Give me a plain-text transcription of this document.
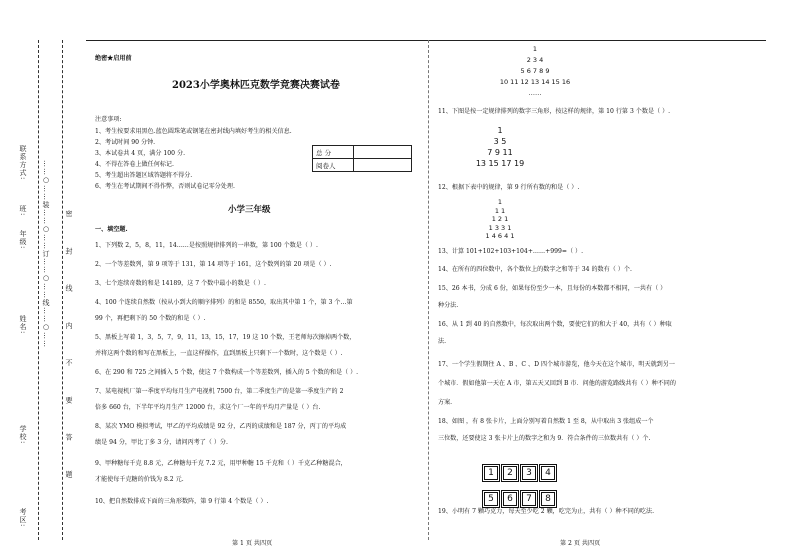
……○……装……○……订……○……线……○…… 密 封 线 内 不 要 答 题
联系方式:
年级:
班:
姓名:
学校:
考区:
绝密★启用前
2023小学奥林匹克数学竞赛决赛试卷
注意事项:

1、考生按要求用黑色.蓝色圆珠笔或钢笔在密封线内填好考生的相关信息.

2、考试时间 90 分钟.

3、本试卷共 4 页，满分 100 分.

4、不得在答卷上做任何标记.

5、考生超出答题区域答题将不得分.

6、考生在考试期间不得作弊，否则试卷记零分处理.

总 分	
阅卷人	
小学三年级
一、填空题.

1、下列数 2，5，8，11，14……是按照规律排列的一串数，第 100 个数是（ ）.

2、一个等差数列，第 9 项等于 131，第 14 项等于 161，这个数列的第 20 项是（ ）.

3、七个连续奇数的和是 14189，这 7 个数中最小的数是（ ）.

4、100 个连续自然数（按从小到大的顺序排列）的和是 8550，取出其中第 1 个，第 3 个…第

99 个，再把剩下的 50 个数的和是（ ）.

5、黑板上写着 1，3，5，7，9，11，13，15，17，19 这 10 个数，王老师每次擦掉两个数，

并将这两个数的和写在黑板上，一直这样操作，直到黑板上只剩下一个数时，这个数是（ ）.

6、在 290 和 725 之间插入 5 个数，使这 7 个数构成一个等差数列，插入的 5 个数的和是（ ）.

7、某电视机厂第一季度平均每月生产电视机 7500 台，第二季度生产的是第一季度生产的 2

倍多 660 台，下半年平均月生产 12000 台，求这个厂一年的平均月产量是（ ）台.

8、某次 YMO 模拟考试，甲乙的平均成绩是 92 分，乙丙的成绩和是 187 分，丙丁的平均成

绩是 94 分，甲比丁多 3 分，请问丙考了（ ）分.

9、甲种糖每千克 8.8 元，乙种糖每千克 7.2 元，用甲种糖 15 千克和（ ）千克乙种糖混合，

才能使每千克糖的价钱为 8.2 元.

10、把自然数排成下面的三角形数阵，第 9 行第 4 个数是（ ）.

第 1 页 共四页
1
2 3 4
5 6 7 8 9
10 11 12 13 14 15 16
……
11、下图是按一定规律排列的数字三角形，按这样的规律，第 10 行第 3 个数是（ ）.
1
3 5
7 9 11
13 15 17 19
12、根据下表中的规律，第 9 行所有数的和是（ ）.
1
1 1
1 2 1
1 3 3 1
1 4 6 4 1

13、计算 101+102+103+104+……+999=（ ）.

14、在所有的四位数中，各个数位上的数字之和等于 34 的数有（ ）个.

15、26 本书，分成 6 份，如果每份至少一本，且每份的本数都不相同，一共有（ ）

种分法.

16、从 1 到 40 的自然数中，每次取出两个数，要使它们的和大于 40，共有（ ）种取

法.

17、一个学生假期往 A 、B 、C 、D 四个城市游览，他今天在这个城市，明天就到另一

个城市．假如他第一天在 A 市，第五天又回到 B 市．问他的游览路线共有（ ）种不同的

方案.

18、如图 ，有 8 张卡片，上面分别写着自然数 1 至 8，从中取出 3 张组成一个

三位数，还要使这 3 张卡片上的数字之和为 9．符合条件的三位数共有（ ）个.

1 2 3 4
5 6 7 8
19、小明有 7 颗巧克力，每天至少吃 2 颗，吃完为止，共有（ ）种不同的吃法.
第 2 页 共四页
